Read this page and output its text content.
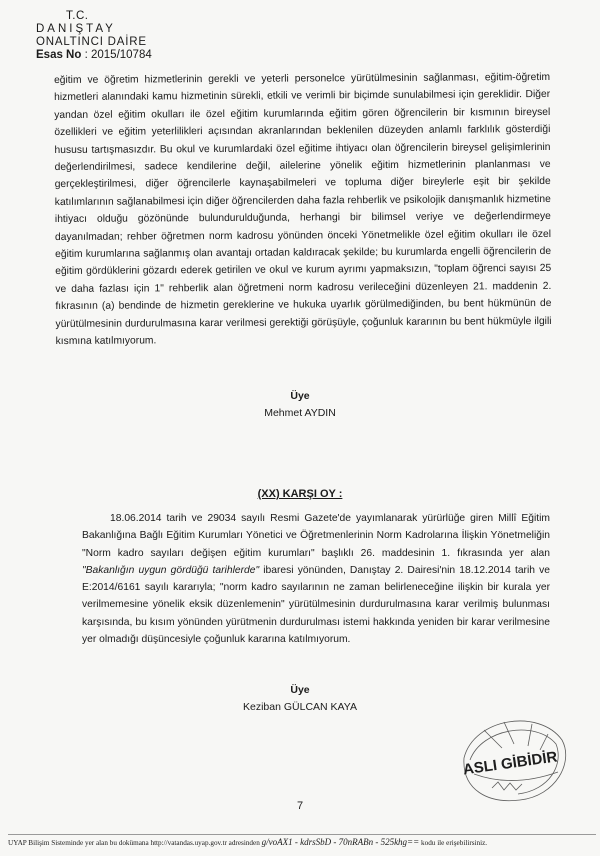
T.C.
DANIŞTAY
ONALTINCI DAİRE
Esas No : 2015/10784
eğitim ve öğretim hizmetlerinin gerekli ve yeterli personelce yürütülmesinin sağlanması, eğitim-öğretim hizmetleri alanındaki kamu hizmetinin sürekli, etkili ve verimli bir biçimde sunulabilmesi için gereklidir. Diğer yandan özel eğitim okulları ile özel eğitim kurumlarında eğitim gören öğrencilerin bir kısmının bireysel özellikleri ve eğitim yeterlilikleri açısından akranlarından beklenilen düzeyden anlamlı farklılık gösterdiği hususu tartışmasızdır. Bu okul ve kurumlardaki özel eğitime ihtiyacı olan öğrencilerin bireysel gelişimlerinin değerlendirilmesi, sadece kendilerine değil, ailelerine yönelik eğitim hizmetlerinin planlanması ve gerçekleştirilmesi, diğer öğrencilerle kaynaşabilmeleri ve topluma diğer bireylerle eşit bir şekilde katılımlarının sağlanabilmesi için diğer öğrencilerden daha fazla rehberlik ve psikolojik danışmanlık hizmetine ihtiyacı olduğu gözönünde bulundurulduğunda, herhangi bir bilimsel veriye ve değerlendirmeye dayanılmadan; rehber öğretmen norm kadrosu yönünden önceki Yönetmelikle özel eğitim okulları ile özel eğitim kurumlarına sağlanmış olan avantajı ortadan kaldıracak şekilde; bu kurumlarda engelli öğrencilerin de eğitim gördüklerini gözardı ederek getirilen ve okul ve kurum ayrımı yapmaksızın, "toplam öğrenci sayısı 25 ve daha fazlası için 1" rehberlik alan öğretmeni norm kadrosu verileceğini düzenleyen 21. maddenin 2. fıkrasının (a) bendinde de hizmetin gereklerine ve hukuka uyarlık görülmediğinden, bu bent hükmünün de yürütülmesinin durdurulmasına karar verilmesi gerektiği görüşüyle, çoğunluk kararının bu bent hükmüyle ilgili kısmına katılmıyorum.
Üye
Mehmet AYDIN
(XX) KARŞI OY :
18.06.2014 tarih ve 29034 sayılı Resmi Gazete'de yayımlanarak yürürlüğe giren Millî Eğitim Bakanlığına Bağlı Eğitim Kurumları Yönetici ve Öğretmenlerinin Norm Kadrolarına İlişkin Yönetmeliğin "Norm kadro sayıları değişen eğitim kurumları" başlıklı 26. maddesinin 1. fıkrasında yer alan "Bakanlığın uygun gördüğü tarihlerde" ibaresi yönünden, Danıştay 2. Dairesi'nin 18.12.2014 tarih ve E:2014/6161 sayılı kararıyla; "norm kadro sayılarının ne zaman belirleneceğine ilişkin bir kurala yer verilmemesine yönelik eksik düzenlemenin" yürütülmesinin durdurulmasına karar verilmiş bulunması karşısında, bu kısım yönünden yürütmenin durdurulması istemi hakkında yeniden bir karar verilmesine yer olmadığı düşüncesiyle çoğunluk kararına katılmıyorum.
Üye
Keziban GÜLCAN KAYA
ASLI GİBİDİR
7
UYAP Bilişim Sisteminde yer alan bu dokümana http://vatandas.uyap.gov.tr adresinden g/voAX1 - kdrsSbD - 70nRABn - 525khg== kodu ile erişebilirsiniz.
